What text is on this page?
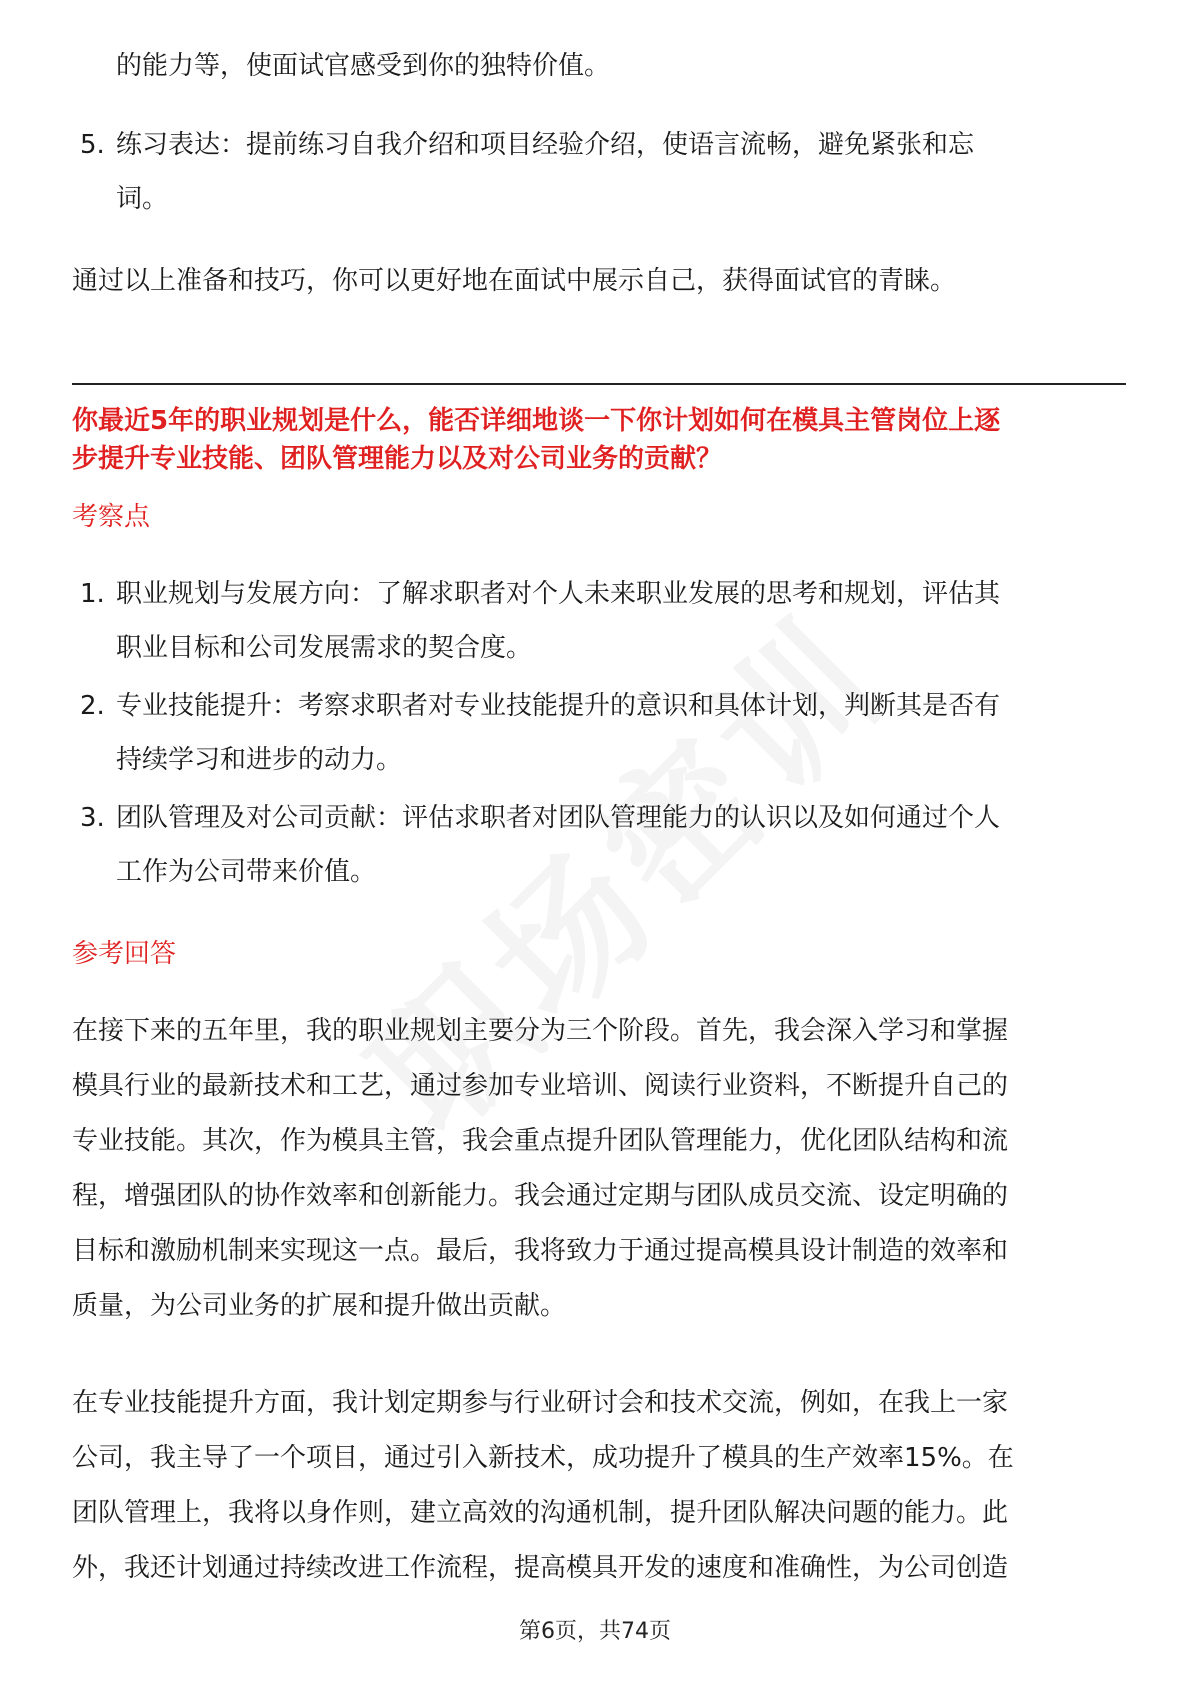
的能力等，使面试官感受到你的独特价值。
5. 练习表达：提前练习自我介绍和项目经验介绍，使语言流畅，避免紧张和忘
词。
通过以上准备和技巧，你可以更好地在面试中展示自己，获得面试官的青睐。
你最近5年的职业规划是什么，能否详细地谈一下你计划如何在模具主管岗位上逐
步提升专业技能、团队管理能力以及对公司业务的贡献？
考察点
1. 职业规划与发展方向：了解求职者对个人未来职业发展的思考和规划，评估其
职业目标和公司发展需求的契合度。
2. 专业技能提升：考察求职者对专业技能提升的意识和具体计划，判断其是否有
持续学习和进步的动力。
3. 团队管理及对公司贡献：评估求职者对团队管理能力的认识以及如何通过个人
工作为公司带来价值。
参考回答
在接下来的五年里，我的职业规划主要分为三个阶段。首先，我会深入学习和掌握
模具行业的最新技术和工艺，通过参加专业培训、阅读行业资料，不断提升自己的
专业技能。其次，作为模具主管，我会重点提升团队管理能力，优化团队结构和流
程，增强团队的协作效率和创新能力。我会通过定期与团队成员交流、设定明确的
目标和激励机制来实现这一点。最后，我将致力于通过提高模具设计制造的效率和
质量，为公司业务的扩展和提升做出贡献。
在专业技能提升方面，我计划定期参与行业研讨会和技术交流，例如，在我上一家
公司，我主导了一个项目，通过引入新技术，成功提升了模具的生产效率15%。在
团队管理上，我将以身作则，建立高效的沟通机制，提升团队解决问题的能力。此
外，我还计划通过持续改进工作流程，提高模具开发的速度和准确性，为公司创造
第6页，共74页
